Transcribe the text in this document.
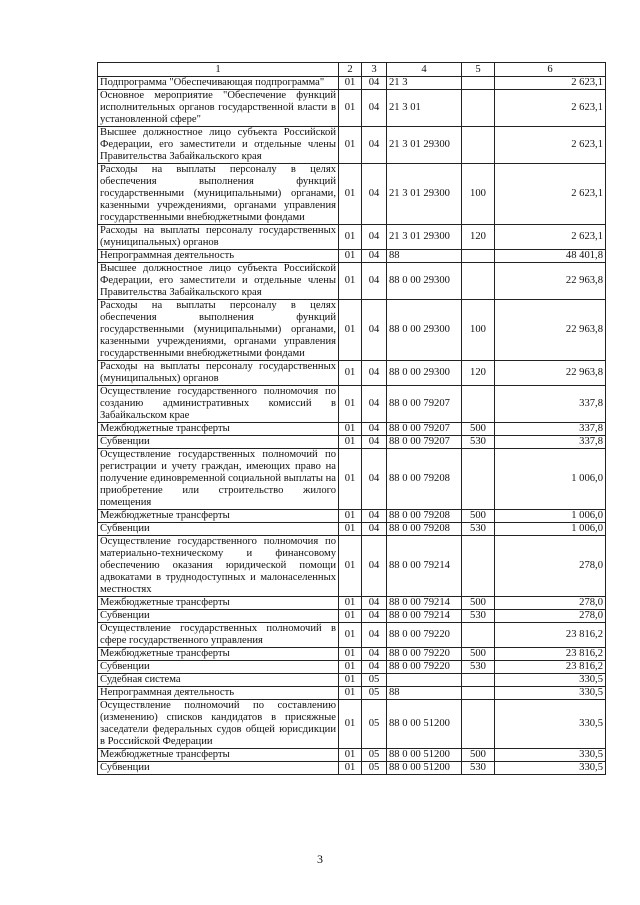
1	2	3	4	5	6
Подпрограмма "Обеспечивающая подпрограмма"	01	04	21 3		2 623,1
Основное мероприятие "Обеспечение функций исполнительных органов государственной власти в установленной сфере"	01	04	21 3 01		2 623,1
Высшее должностное лицо субъекта Российской Федерации, его заместители и отдельные члены Правительства Забайкальского края	01	04	21 3 01 29300		2 623,1
Расходы на выплаты персоналу в целях обеспечения выполнения функций государственными (муниципальными) органами, казенными учреждениями, органами управления государственными внебюджетными фондами	01	04	21 3 01 29300	100	2 623,1
Расходы на выплаты персоналу государственных (муниципальных) органов	01	04	21 3 01 29300	120	2 623,1
Непрограммная деятельность	01	04	88		48 401,8
Высшее должностное лицо субъекта Российской Федерации, его заместители и отдельные члены Правительства Забайкальского края	01	04	88 0 00 29300		22 963,8
Расходы на выплаты персоналу в целях обеспечения выполнения функций государственными (муниципальными) органами, казенными учреждениями, органами управления государственными внебюджетными фондами	01	04	88 0 00 29300	100	22 963,8
Расходы на выплаты персоналу государственных (муниципальных) органов	01	04	88 0 00 29300	120	22 963,8
Осуществление государственного полномочия по созданию административных комиссий в Забайкальском крае	01	04	88 0 00 79207		337,8
Межбюджетные трансферты	01	04	88 0 00 79207	500	337,8
Субвенции	01	04	88 0 00 79207	530	337,8
Осуществление государственных полномочий по регистрации и учету граждан, имеющих право на получение единовременной социальной выплаты на приобретение или строительство жилого помещения	01	04	88 0 00 79208		1 006,0
Межбюджетные трансферты	01	04	88 0 00 79208	500	1 006,0
Субвенции	01	04	88 0 00 79208	530	1 006,0
Осуществление государственного полномочия по материально-техническому и финансовому обеспечению оказания юридической помощи адвокатами в труднодоступных и малонаселенных местностях	01	04	88 0 00 79214		278,0
Межбюджетные трансферты	01	04	88 0 00 79214	500	278,0
Субвенции	01	04	88 0 00 79214	530	278,0
Осуществление государственных полномочий в сфере государственного управления	01	04	88 0 00 79220		23 816,2
Межбюджетные трансферты	01	04	88 0 00 79220	500	23 816,2
Субвенции	01	04	88 0 00 79220	530	23 816,2
Судебная система	01	05			330,5
Непрограммная деятельность	01	05	88		330,5
Осуществление полномочий по составлению (изменению) списков кандидатов в присяжные заседатели федеральных судов общей юрисдикции в Российской Федерации	01	05	88 0 00 51200		330,5
Межбюджетные трансферты	01	05	88 0 00 51200	500	330,5
Субвенции	01	05	88 0 00 51200	530	330,5
3
